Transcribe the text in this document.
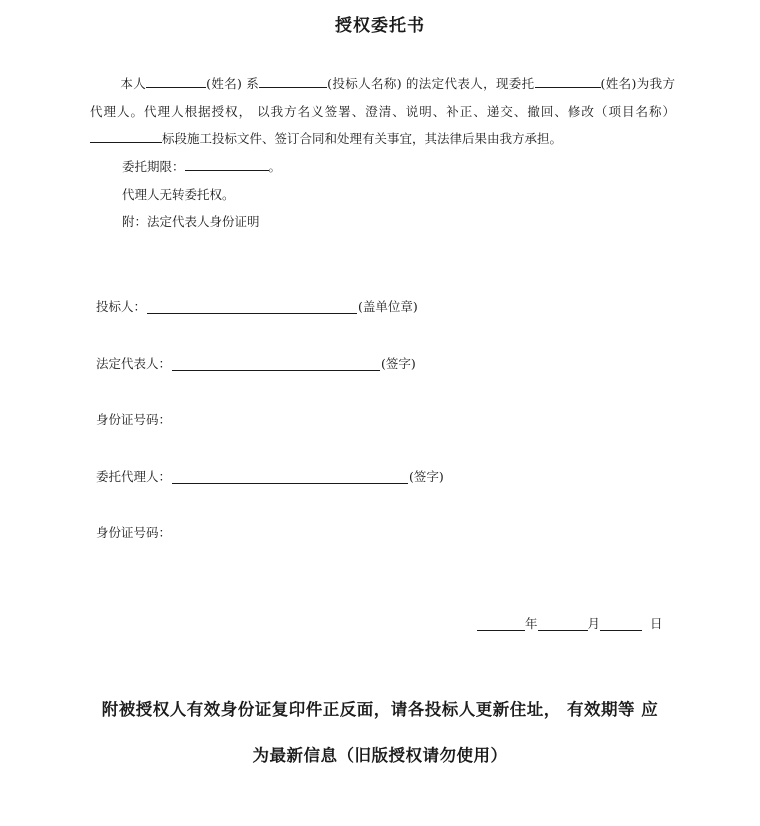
授权委托书
本人	(姓名) 系	(投标人名称) 的法定代表人，现委托	(姓名)为我方代理人。代理人根据授权， 以我方名义签署、澄清、说明、补正、递交、撤回、修改（项目名称）标段施工投标文件、签订合同和处理有关事宜，其法律后果由我方承担。
委托期限：	。
代理人无转委托权。
附：法定代表人身份证明
投标人：	(盖单位章)
法定代表人：	(签字)
身份证号码：
委托代理人：	(签字)
身份证号码：
年	月	日
附被授权人有效身份证复印件正反面，请各投标人更新住址， 有效期等 应
为最新信息（旧版授权请勿使用）
